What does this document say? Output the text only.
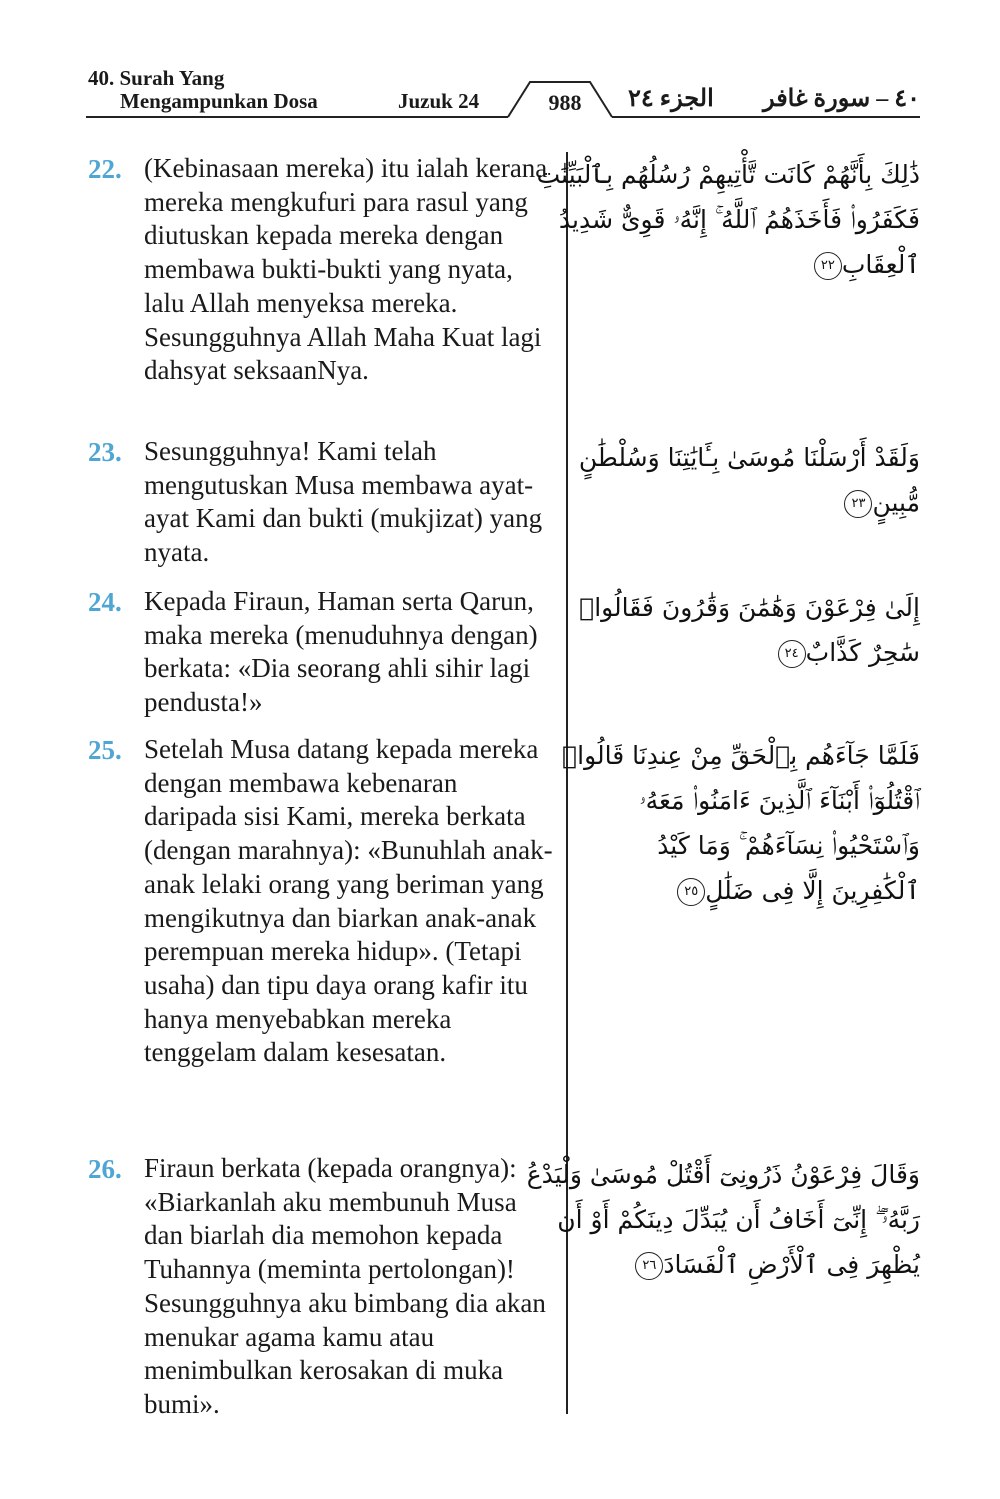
40. Surah Yang
Mengampunkan Dosa	Juzuk 24	988	الجزء ٢٤ ٤٠ – سورة غافر
22. (Kebinasaan mereka) itu ialah kerana mereka mengkufuri para rasul yang diutuskan kepada mereka dengan membawa bukti-bukti yang nyata, lalu Allah menyeksa mereka. Sesungguhnya Allah Maha Kuat lagi dahsyat seksaanNya.
ذَٰلِكَ بِأَنَّهُمْ كَانَت تَّأْتِيهِمْ رُسُلُهُم بِٱلْبَيِّنَٰتِ
فَكَفَرُوا۟ فَأَخَذَهُمُ ٱللَّهُ ۚ إِنَّهُۥ قَوِىٌّ شَدِيدُ
ٱلْعِقَابِ٢٢
23. Sesungguhnya! Kami telah mengutuskan Musa membawa ayat-ayat Kami dan bukti (mukjizat) yang nyata.
وَلَقَدْ أَرْسَلْنَا مُوسَىٰ بِـَٔايَٰتِنَا وَسُلْطَٰنٍ
مُّبِينٍ٢٣
24. Kepada Firaun, Haman serta Qarun, maka mereka (menuduhnya dengan) berkata: «Dia seorang ahli sihir lagi pendusta!»
إِلَىٰ فِرْعَوْنَ وَهَٰمَٰنَ وَقَٰرُونَ فَقَالُوا۟
سَٰحِرٌ كَذَّابٌ٢٤
25. Setelah Musa datang kepada mereka dengan membawa kebenaran daripada sisi Kami, mereka berkata (dengan marahnya): «Bunuhlah anak-anak lelaki orang yang beriman yang mengikutnya dan biarkan anak-anak perempuan mereka hidup». (Tetapi usaha) dan tipu daya orang kafir itu hanya menyebabkan mereka tenggelam dalam kesesatan.
فَلَمَّا جَآءَهُم بِٱلْحَقِّ مِنْ عِندِنَا قَالُوا۟
ٱقْتُلُوٓا۟ أَبْنَآءَ ٱلَّذِينَ ءَامَنُوا۟ مَعَهُۥ
وَٱسْتَحْيُوا۟ نِسَآءَهُمْ ۚ وَمَا كَيْدُ
ٱلْكَٰفِرِينَ إِلَّا فِى ضَلَٰلٍ٢٥
26. Firaun berkata (kepada orangnya): «Biarkanlah aku membunuh Musa dan biarlah dia memohon kepada Tuhannya (meminta pertolongan)! Sesungguhnya aku bimbang dia akan menukar agama kamu atau menimbulkan kerosakan di muka bumi».
وَقَالَ فِرْعَوْنُ ذَرُونِىٓ أَقْتُلْ مُوسَىٰ وَلْيَدْعُ
رَبَّهُۥٓ ۖ إِنِّىٓ أَخَافُ أَن يُبَدِّلَ دِينَكُمْ أَوْ أَن
يُظْهِرَ فِى ٱلْأَرْضِ ٱلْفَسَادَ٢٦
